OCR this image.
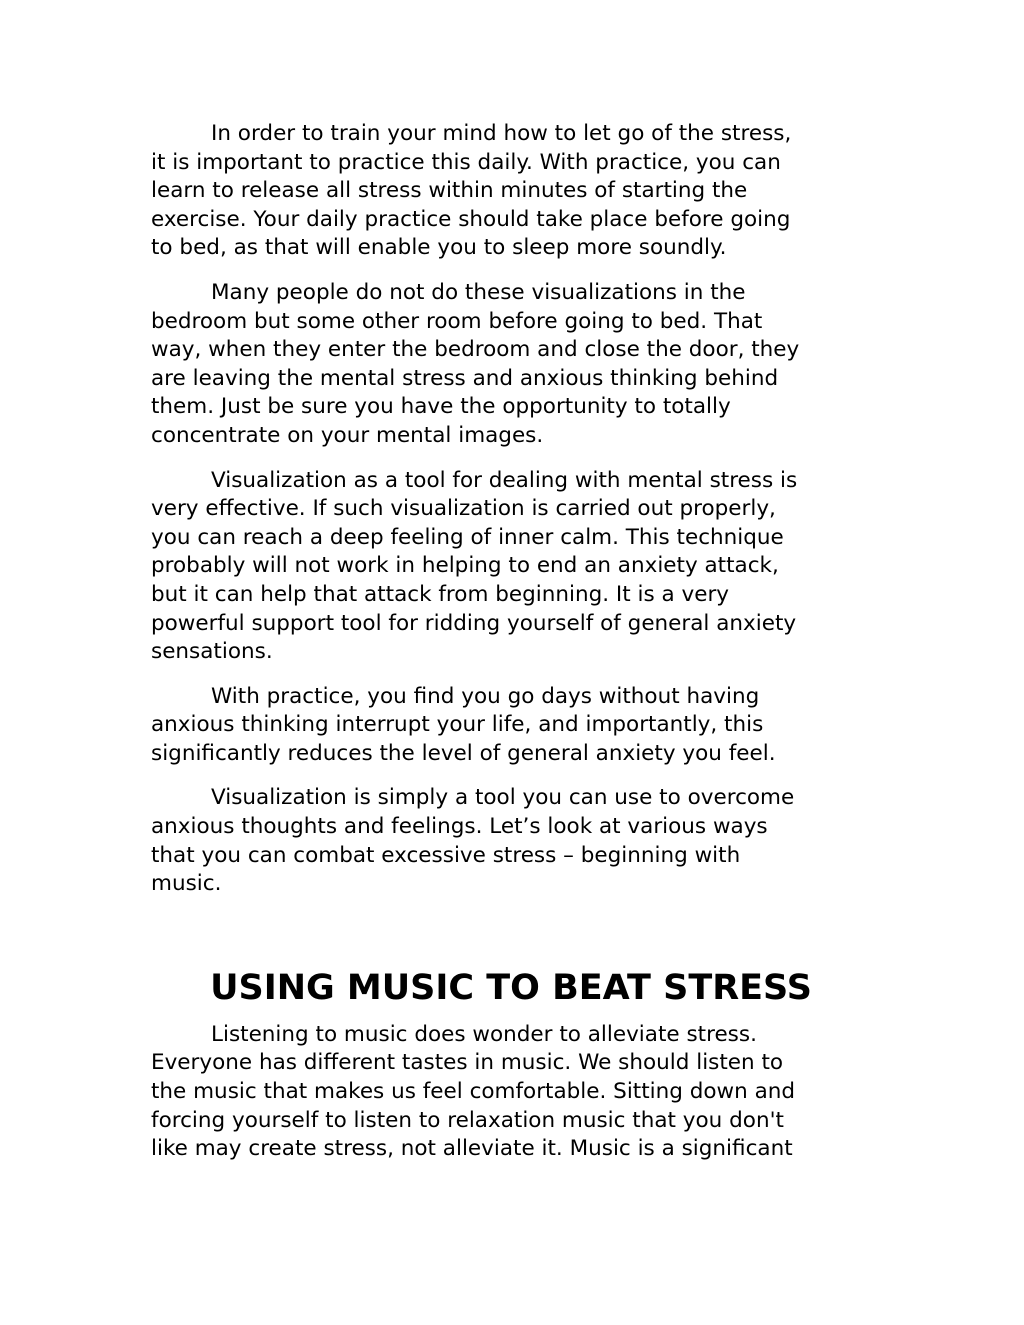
In order to train your mind how to let go of the stress,
it is important to practice this daily. With practice, you can
learn to release all stress within minutes of starting the
exercise. Your daily practice should take place before going
to bed, as that will enable you to sleep more soundly.

Many people do not do these visualizations in the
bedroom but some other room before going to bed. That
way, when they enter the bedroom and close the door, they
are leaving the mental stress and anxious thinking behind
them. Just be sure you have the opportunity to totally
concentrate on your mental images.

Visualization as a tool for dealing with mental stress is
very effective. If such visualization is carried out properly,
you can reach a deep feeling of inner calm. This technique
probably will not work in helping to end an anxiety attack,
but it can help that attack from beginning. It is a very
powerful support tool for ridding yourself of general anxiety
sensations.

With practice, you find you go days without having
anxious thinking interrupt your life, and importantly, this
significantly reduces the level of general anxiety you feel.

Visualization is simply a tool you can use to overcome
anxious thoughts and feelings. Let’s look at various ways
that you can combat excessive stress – beginning with
music.

USING MUSIC TO BEAT STRESS

Listening to music does wonder to alleviate stress.
Everyone has different tastes in music. We should listen to
the music that makes us feel comfortable. Sitting down and
forcing yourself to listen to relaxation music that you don't
like may create stress, not alleviate it. Music is a significant
